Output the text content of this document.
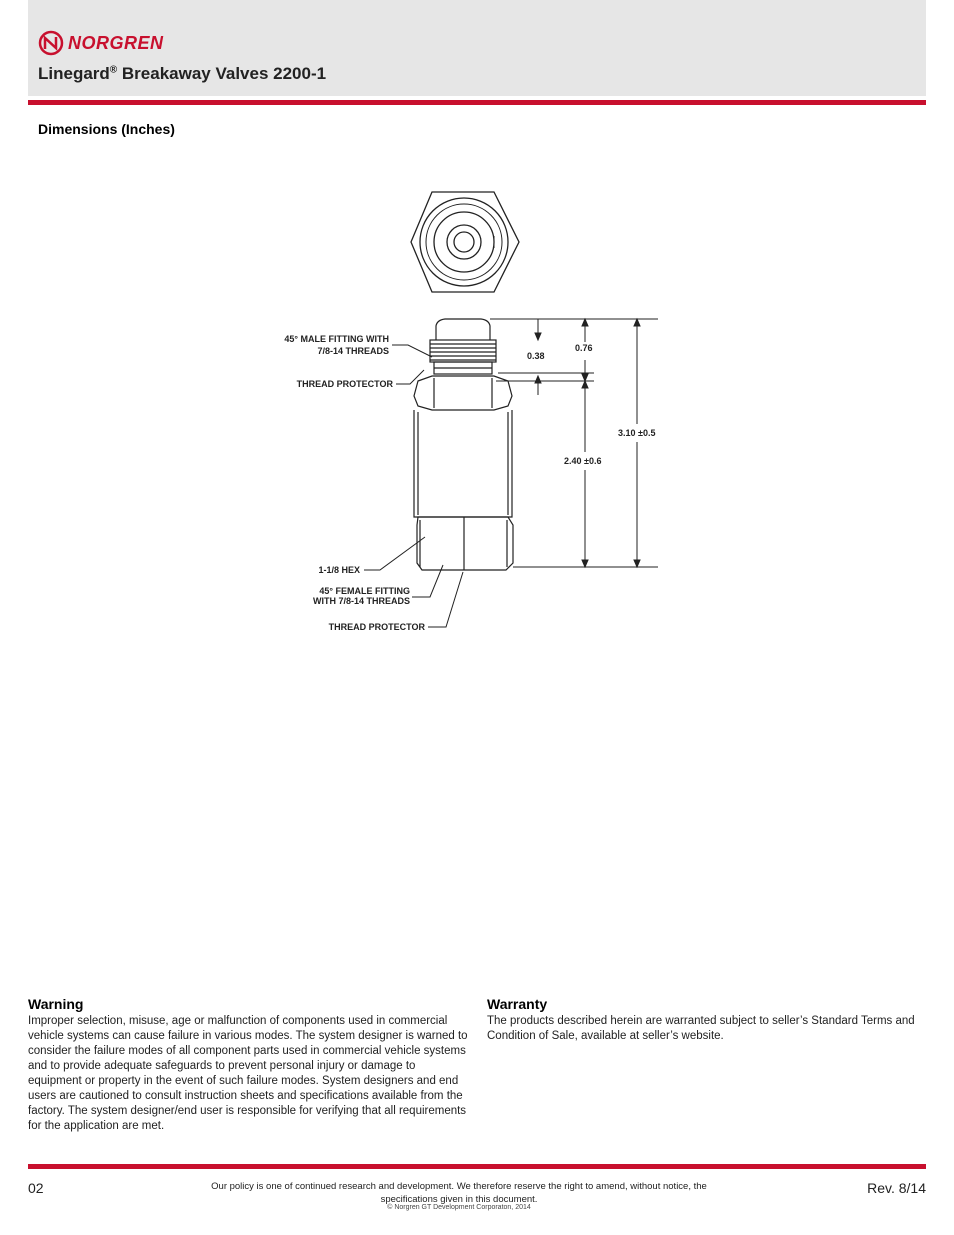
NORGREN
Linegard® Breakaway Valves 2200-1
Dimensions (Inches)
45° MALE FITTING WITH
7/8-14 THREADS
THREAD PROTECTOR
1-1/8 HEX
45° FEMALE FITTING
WITH 7/8-14 THREADS
THREAD PROTECTOR
0.38
0.76
3.10 ±0.5
2.40 ±0.6
Warning
Improper selection, misuse, age or malfunction of components used in commercial vehicle systems can cause failure in various modes. The system designer is warned to consider the failure modes of all component parts used in commercial vehicle systems and to provide adequate safeguards to prevent personal injury or damage to equipment or property in the event of such failure modes. System designers and end users are cautioned to consult instruction sheets and specifications available from the factory. The system designer/end user is responsible for verifying that all requirements for the application are met.
Warranty
The products described herein are warranted subject to seller’s Standard Terms and Condition of Sale, available at seller’s website.
02	Our policy is one of continued research and development. We therefore reserve the right to amend, without notice, the specifications given in this document.
© Norgren GT Development Corporaton, 2014
Rev. 8/14
